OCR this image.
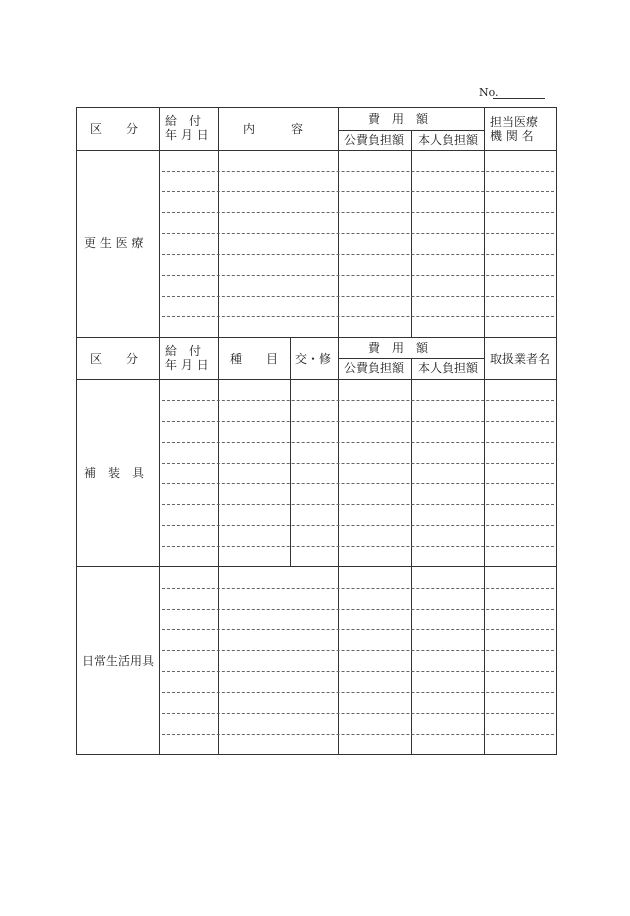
No.
区　　分
給　付
年 月 日	内　　　容
費　用　額
公費負担額 本人負担額
担当医療
機 関 名
更 生 医 療
区　　分
給　付
年 月 日 種　　目 交・修
費　用　額
公費負担額 本人負担額
取扱業者名
補　装　具
日常生活用具
